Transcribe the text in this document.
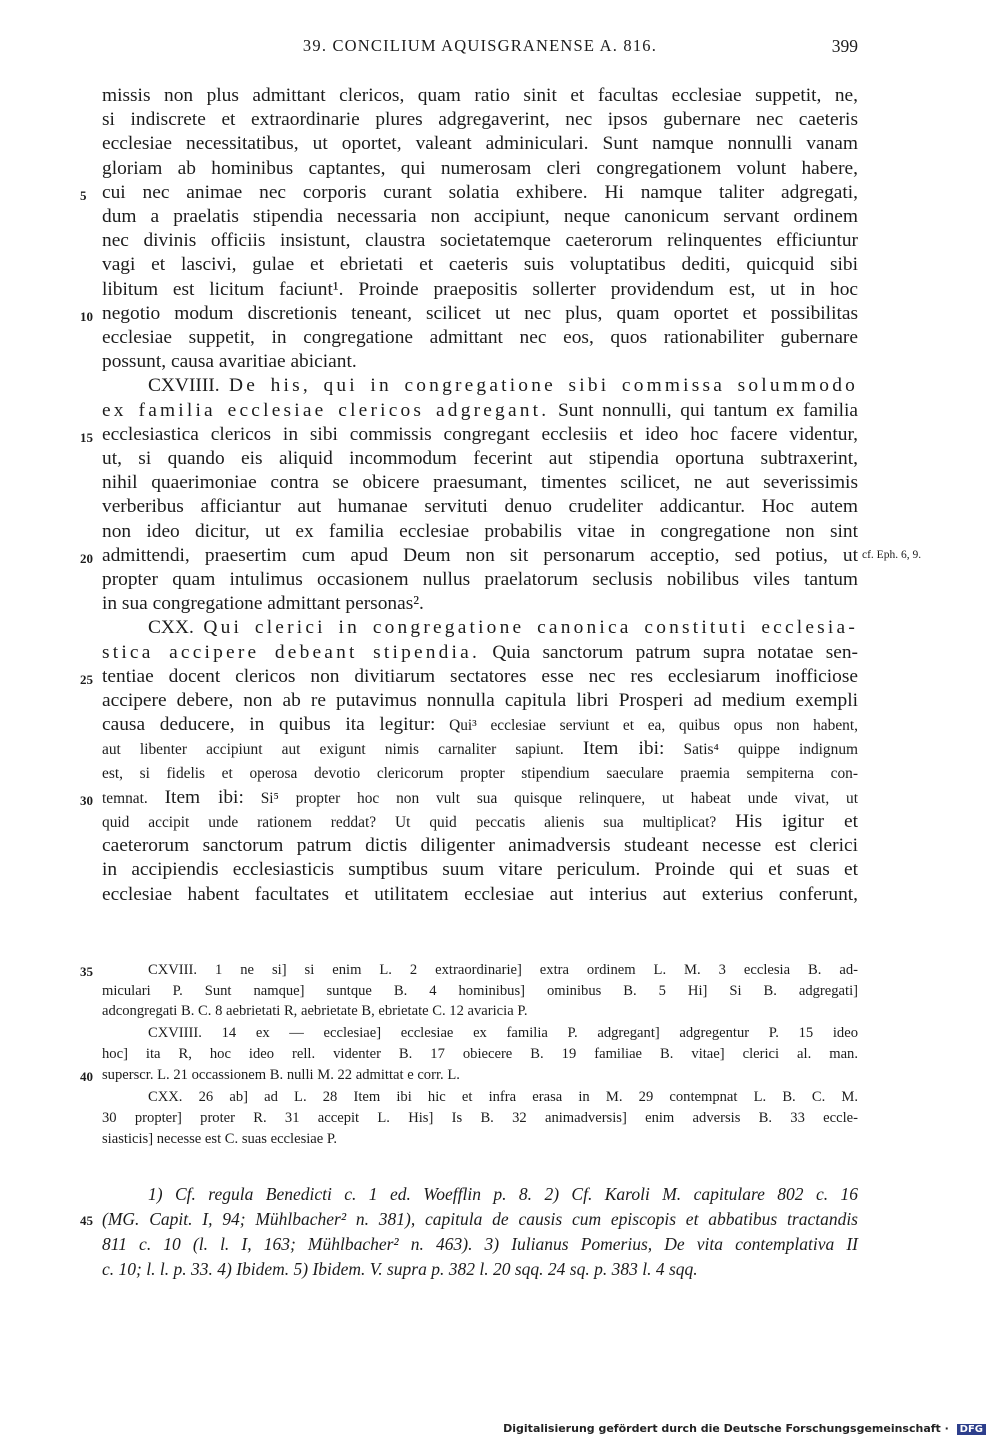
39. CONCILIUM AQUISGRANENSE A. 816.	399
missis non plus admittant clericos, quam ratio sinit et facultas ecclesiae suppetit, ne,
si indiscrete et extraordinarie plures adgregaverint, nec ipsos gubernare nec caeteris
ecclesiae necessitatibus, ut oportet, valeant adminiculari. Sunt namque nonnulli vanam
gloriam ab hominibus captantes, qui numerosam cleri congregationem volunt habere,
cui nec animae nec corporis curant solatia exhibere. Hi namque taliter adgregati,
5
dum a praelatis stipendia necessaria non accipiunt, neque canonicum servant ordinem
nec divinis officiis insistunt, claustra societatemque caeterorum relinquentes efficiuntur
vagi et lascivi, gulae et ebrietati et caeteris suis voluptatibus dediti, quicquid sibi
libitum est licitum faciunt¹. Proinde praepositis sollerter providendum est, ut in hoc
negotio modum discretionis teneant, scilicet ut nec plus, quam oportet et possibilitas
10
ecclesiae suppetit, in congregatione admittant nec eos, quos rationabiliter gubernare
possunt, causa avaritiae abiciant.
CXVIIII. De his, qui in congregatione sibi commissa solummodo
ex familia ecclesiae clericos adgregant. Sunt nonnulli, qui tantum ex familia
ecclesiastica clericos in sibi commissis congregant ecclesiis et ideo hoc facere videntur,
15
ut, si quando eis aliquid incommodum fecerint aut stipendia oportuna subtraxerint,
nihil quaerimoniae contra se obicere praesumant, timentes scilicet, ne aut severissimis
verberibus afficiantur aut humanae servituti denuo crudeliter addicantur. Hoc autem
non ideo dicitur, ut ex familia ecclesiae probabilis vitae in congregatione non sint
admittendi, praesertim cum apud Deum non sit personarum acceptio, sed potius, ut
20	cf. Eph. 6, 9.
propter quam intulimus occasionem nullus praelatorum seclusis nobilibus viles tantum
in sua congregatione admittant personas².
CXX. Qui clerici in congregatione canonica constituti ecclesia-
stica accipere debeant stipendia. Quia sanctorum patrum supra notatae sen-
tentiae docent clericos non divitiarum sectatores esse nec res ecclesiarum inofficiose
25
accipere debere, non ab re putavimus nonnulla capitula libri Prosperi ad medium exempli
causa deducere, in quibus ita legitur: Qui³ ecclesiae serviunt et ea, quibus opus non habent,
aut libenter accipiunt aut exigunt nimis carnaliter sapiunt. Item ibi: Satis⁴ quippe indignum
est, si fidelis et operosa devotio clericorum propter stipendium saeculare praemia sempiterna con-
temnat. Item ibi: Si⁵ propter hoc non vult sua quisque relinquere, ut habeat unde vivat, ut
30
quid accipit unde rationem reddat? Ut quid peccatis alienis sua multiplicat? His igitur et
caeterorum sanctorum patrum dictis diligenter animadversis studeant necesse est clerici
in accipiendis ecclesiasticis sumptibus suum vitare periculum. Proinde qui et suas et
ecclesiae habent facultates et utilitatem ecclesiae aut interius aut exterius conferunt,
CXVIII. 1 ne si] si enim L. 2 extraordinarie] extra ordinem L. M. 3 ecclesia B. ad-
35
miculari P. Sunt namque] suntque B. 4 hominibus] ominibus B. 5 Hi] Si B. adgregati]
adcongregati B. C. 8 aebrietati R, aebrietate B, ebrietate C. 12 avaricia P.
CXVIIII. 14 ex — ecclesiae] ecclesiae ex familia P. adgregant] adgregentur P. 15 ideo
hoc] ita R, hoc ideo rell. videnter B. 17 obiecere B. 19 familiae B. vitae] clerici al. man.
superscr. L. 21 occassionem B. nulli M. 22 admittat e corr. L.
40
CXX. 26 ab] ad L. 28 Item ibi hic et infra erasa in M. 29 contempnat L. B. C. M.
30 propter] proter R. 31 accepit L. His] Is B. 32 animadversis] enim adversis B. 33 eccle-
siasticis] necesse est C. suas ecclesiae P.
1) Cf. regula Benedicti c. 1 ed. Woefflin p. 8. 2) Cf. Karoli M. capitulare 802 c. 16
(MG. Capit. I, 94; Mühlbacher² n. 381), capitula de causis cum episcopis et abbatibus tractandis
45
811 c. 10 (l. l. I, 163; Mühlbacher² n. 463). 3) Iulianus Pomerius, De vita contemplativa II
c. 10; l. l. p. 33. 4) Ibidem. 5) Ibidem. V. supra p. 382 l. 20 sqq. 24 sq. p. 383 l. 4 sqq.
Digitalisierung gefördert durch die Deutsche Forschungsgemeinschaft · DFG
